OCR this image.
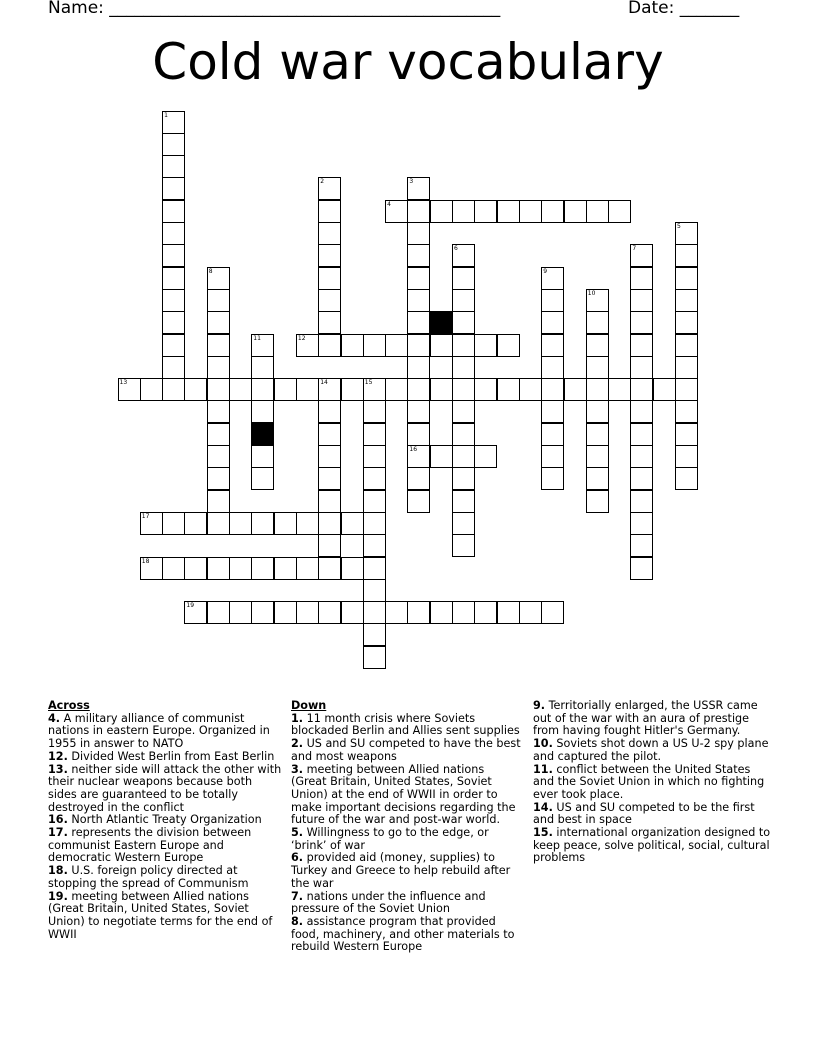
Name: ______________________________________________	Date: _______
Cold war vocabulary
1
2	3
16
4
5
6	7
8	9
10
11	12
13	14	15
17
18
19
Across
4. A military alliance of communist nations in eastern Europe. Organized in 1955 in answer to NATO
12. Divided West Berlin from East Berlin
13. neither side will attack the other with their nuclear weapons because both sides are guaranteed to be totally destroyed in the conflict
16. North Atlantic Treaty Organization
17. represents the division between communist Eastern Europe and democratic Western Europe
18. U.S. foreign policy directed at stopping the spread of Communism
19. meeting between Allied nations (Great Britain, United States, Soviet Union) to negotiate terms for the end of WWII
Down
1. 11 month crisis where Soviets blockaded Berlin and Allies sent supplies
2. US and SU competed to have the best and most weapons
3. meeting between Allied nations (Great Britain, United States, Soviet Union) at the end of WWII in order to make important decisions regarding the future of the war and post-war world.
5. Willingness to go to the edge, or ‘brink’ of war
6. provided aid (money, supplies) to Turkey and Greece to help rebuild after the war
7. nations under the influence and pressure of the Soviet Union
8. assistance program that provided food, machinery, and other materials to rebuild Western Europe
9. Territorially enlarged, the USSR came out of the war with an aura of prestige from having fought Hitler's Germany.
10. Soviets shot down a US U-2 spy plane and captured the pilot.
11. conflict between the United States and the Soviet Union in which no fighting ever took place.
14. US and SU competed to be the first and best in space
15. international organization designed to keep peace, solve political, social, cultural problems
